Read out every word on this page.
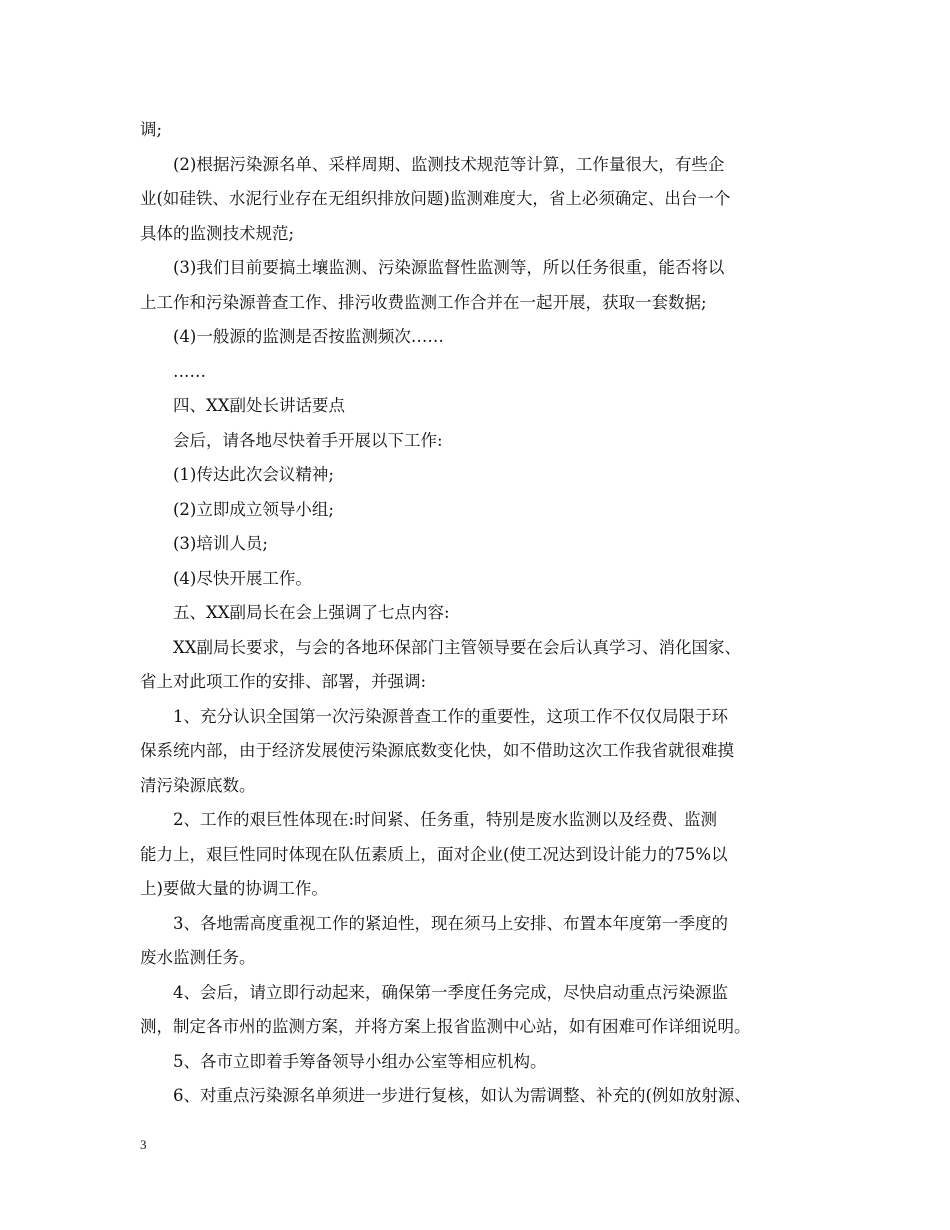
调;
(2)根据污染源名单、采样周期、监测技术规范等计算，工作量很大，有些企
业(如硅铁、水泥行业存在无组织排放问题)监测难度大，省上必须确定、出台一个
具体的监测技术规范;
(3)我们目前要搞土壤监测、污染源监督性监测等，所以任务很重，能否将以
上工作和污染源普查工作、排污收费监测工作合并在一起开展，获取一套数据;
(4)一般源的监测是否按监测频次……
……
四、XX副处长讲话要点
会后，请各地尽快着手开展以下工作:
(1)传达此次会议精神;
(2)立即成立领导小组;
(3)培训人员;
(4)尽快开展工作。
五、XX副局长在会上强调了七点内容:
XX副局长要求，与会的各地环保部门主管领导要在会后认真学习、消化国家、
省上对此项工作的安排、部署，并强调:
1、充分认识全国第一次污染源普查工作的重要性，这项工作不仅仅局限于环
保系统内部，由于经济发展使污染源底数变化快，如不借助这次工作我省就很难摸
清污染源底数。
2、工作的艰巨性体现在:时间紧、任务重，特别是废水监测以及经费、监测
能力上，艰巨性同时体现在队伍素质上，面对企业(使工况达到设计能力的75%以
上)要做大量的协调工作。
3、各地需高度重视工作的紧迫性，现在须马上安排、布置本年度第一季度的
废水监测任务。
4、会后，请立即行动起来，确保第一季度任务完成，尽快启动重点污染源监
测，制定各市州的监测方案，并将方案上报省监测中心站，如有困难可作详细说明。
5、各市立即着手筹备领导小组办公室等相应机构。
6、对重点污染源名单须进一步进行复核，如认为需调整、补充的(例如放射源、
3
